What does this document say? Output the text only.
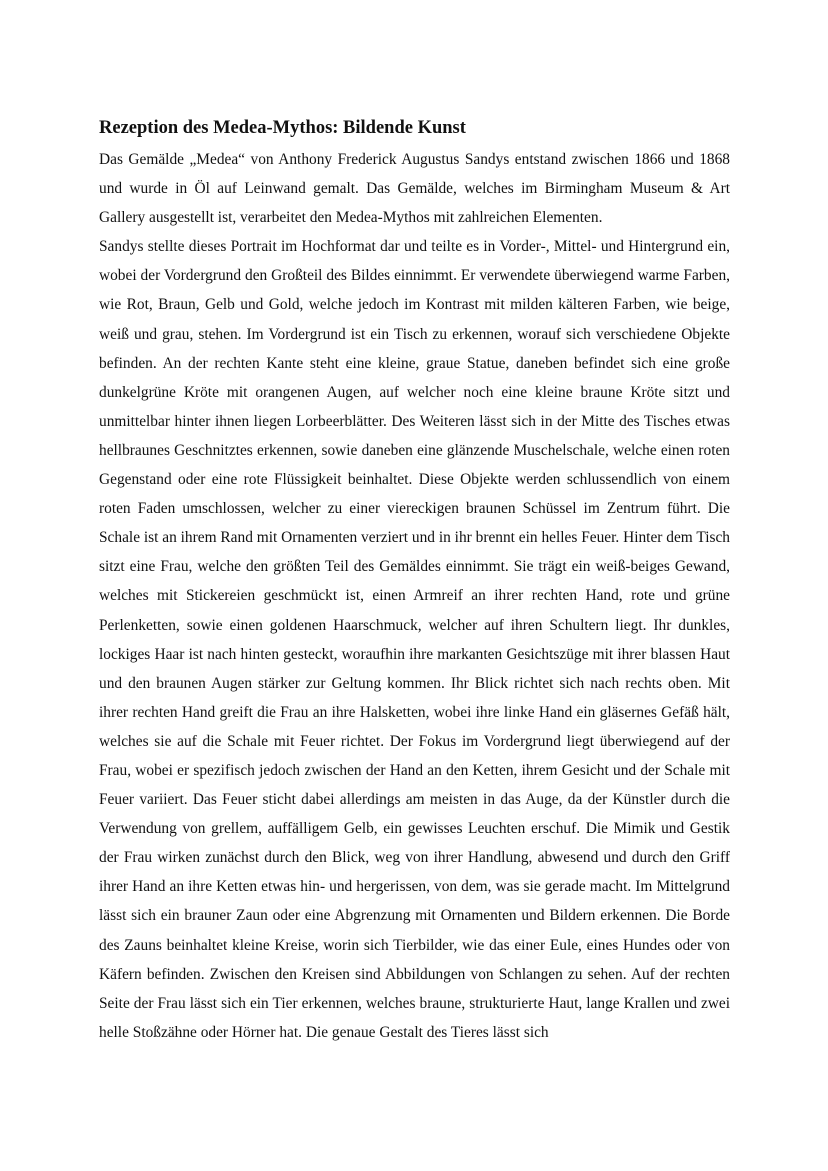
Rezeption des Medea-Mythos: Bildende Kunst

Das Gemälde „Medea“ von Anthony Frederick Augustus Sandys entstand zwischen 1866 und 1868 und wurde in Öl auf Leinwand gemalt. Das Gemälde, welches im Birmingham Museum & Art Gallery ausgestellt ist, verarbeitet den Medea-Mythos mit zahlreichen Elementen.

Sandys stellte dieses Portrait im Hochformat dar und teilte es in Vorder-, Mittel- und Hintergrund ein, wobei der Vordergrund den Großteil des Bildes einnimmt. Er verwendete überwiegend warme Farben, wie Rot, Braun, Gelb und Gold, welche jedoch im Kontrast mit milden kälteren Farben, wie beige, weiß und grau, stehen. Im Vordergrund ist ein Tisch zu erkennen, worauf sich verschiedene Objekte befinden. An der rechten Kante steht eine kleine, graue Statue, daneben befindet sich eine große dunkelgrüne Kröte mit orangenen Augen, auf welcher noch eine kleine braune Kröte sitzt und unmittelbar hinter ihnen liegen Lorbeerblätter. Des Weiteren lässt sich in der Mitte des Tisches etwas hellbraunes Geschnitztes erkennen, sowie daneben eine glänzende Muschelschale, welche einen roten Gegenstand oder eine rote Flüssigkeit beinhaltet. Diese Objekte werden schlussendlich von einem roten Faden umschlossen, welcher zu einer viereckigen braunen Schüssel im Zentrum führt. Die Schale ist an ihrem Rand mit Ornamenten verziert und in ihr brennt ein helles Feuer. Hinter dem Tisch sitzt eine Frau, welche den größten Teil des Gemäldes einnimmt. Sie trägt ein weiß-beiges Gewand, welches mit Stickereien geschmückt ist, einen Armreif an ihrer rechten Hand, rote und grüne Perlenketten, sowie einen goldenen Haarschmuck, welcher auf ihren Schultern liegt. Ihr dunkles, lockiges Haar ist nach hinten gesteckt, woraufhin ihre markanten Gesichtszüge mit ihrer blassen Haut und den braunen Augen stärker zur Geltung kommen. Ihr Blick richtet sich nach rechts oben. Mit ihrer rechten Hand greift die Frau an ihre Halsketten, wobei ihre linke Hand ein gläsernes Gefäß hält, welches sie auf die Schale mit Feuer richtet. Der Fokus im Vordergrund liegt überwiegend auf der Frau, wobei er spezifisch jedoch zwischen der Hand an den Ketten, ihrem Gesicht und der Schale mit Feuer variiert. Das Feuer sticht dabei allerdings am meisten in das Auge, da der Künstler durch die Verwendung von grellem, auffälligem Gelb, ein gewisses Leuchten erschuf. Die Mimik und Gestik der Frau wirken zunächst durch den Blick, weg von ihrer Handlung, abwesend und durch den Griff ihrer Hand an ihre Ketten etwas hin- und hergerissen, von dem, was sie gerade macht. Im Mittelgrund lässt sich ein brauner Zaun oder eine Abgrenzung mit Ornamenten und Bildern erkennen. Die Borde des Zauns beinhaltet kleine Kreise, worin sich Tierbilder, wie das einer Eule, eines Hundes oder von Käfern befinden. Zwischen den Kreisen sind Abbildungen von Schlangen zu sehen. Auf der rechten Seite der Frau lässt sich ein Tier erkennen, welches braune, strukturierte Haut, lange Krallen und zwei helle Stoßzähne oder Hörner hat. Die genaue Gestalt des Tieres lässt sich
